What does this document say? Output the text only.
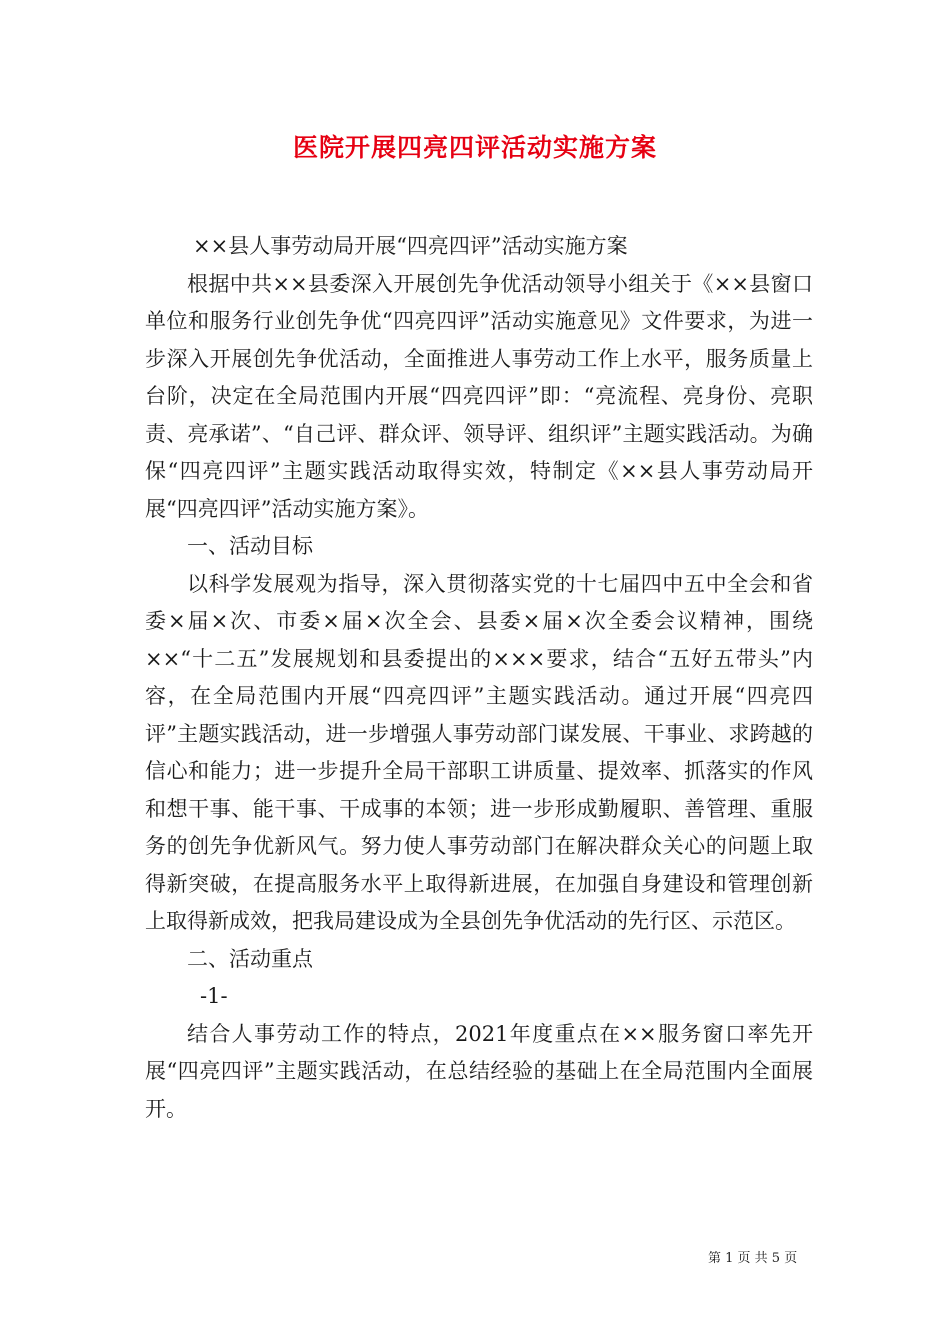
医院开展四亮四评活动实施方案

××县人事劳动局开展“四亮四评”活动实施方案

根据中共××县委深入开展创先争优活动领导小组关于《××县窗口单位和服务行业创先争优“四亮四评”活动实施意见》文件要求，为进一步深入开展创先争优活动，全面推进人事劳动工作上水平，服务质量上台阶，决定在全局范围内开展“四亮四评”即：“亮流程、亮身份、亮职责、亮承诺”、“自己评、群众评、领导评、组织评”主题实践活动。为确保“四亮四评”主题实践活动取得实效，特制定《××县人事劳动局开展“四亮四评”活动实施方案》。

一、活动目标

以科学发展观为指导，深入贯彻落实党的十七届四中五中全会和省委×届×次、市委×届×次全会、县委×届×次全委会议精神，围绕××“十二五”发展规划和县委提出的×××要求，结合“五好五带头”内容，在全局范围内开展“四亮四评”主题实践活动。通过开展“四亮四评”主题实践活动，进一步增强人事劳动部门谋发展、干事业、求跨越的信心和能力；进一步提升全局干部职工讲质量、提效率、抓落实的作风和想干事、能干事、干成事的本领；进一步形成勤履职、善管理、重服务的创先争优新风气。努力使人事劳动部门在解决群众关心的问题上取得新突破，在提高服务水平上取得新进展，在加强自身建设和管理创新上取得新成效，把我局建设成为全县创先争优活动的先行区、示范区。

二、活动重点

-1-

结合人事劳动工作的特点，2021年度重点在××服务窗口率先开展“四亮四评”主题实践活动，在总结经验的基础上在全局范围内全面展开。

第 1 页 共 5 页
